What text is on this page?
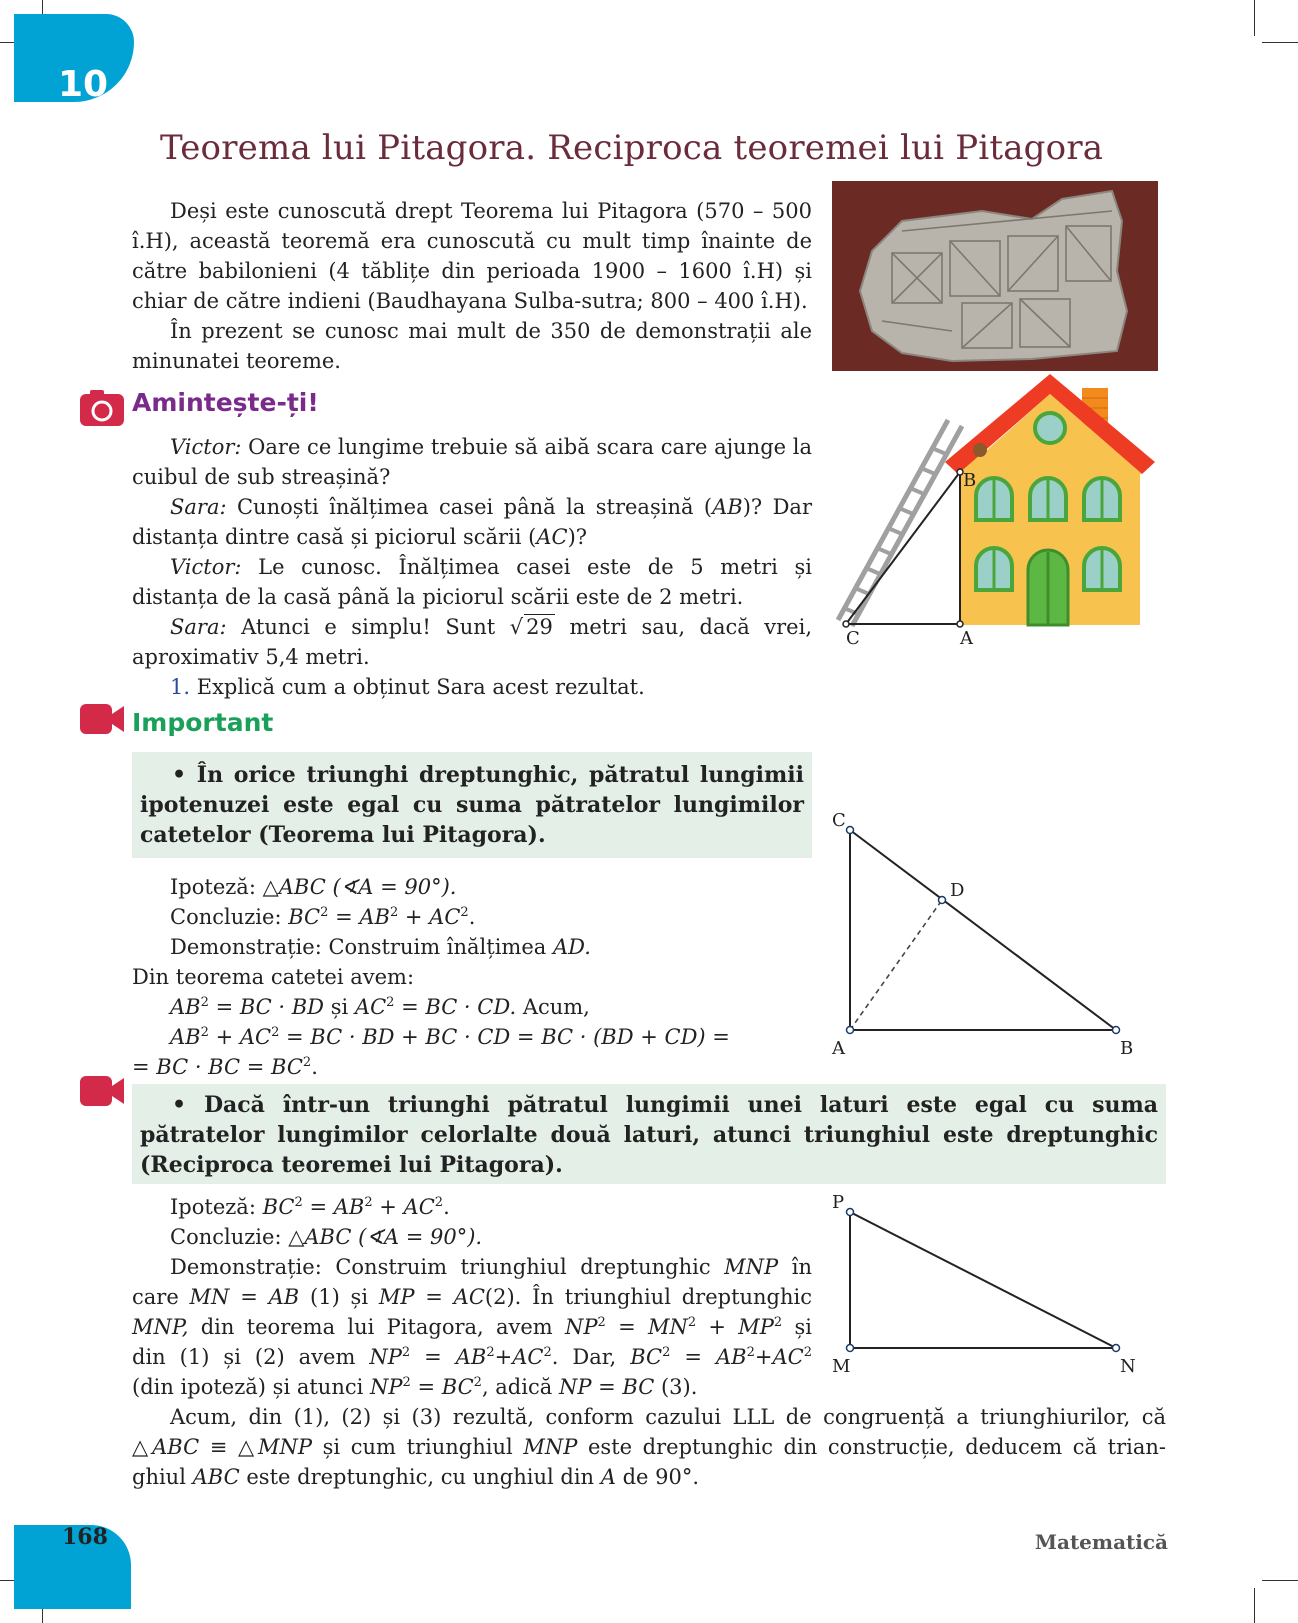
10
Teorema lui Pitagora. Reciproca teoremei lui Pitagora
Deși este cunoscută drept Teorema lui Pitagora (570 – 500 î.H), această teoremă era cunoscută cu mult timp înainte de către babilonieni (4 tăblițe din perioada 1900 – 1600 î.H) și chiar de către indieni (Baudhayana Sulba-sutra; 800 – 400 î.H).
În prezent se cunosc mai mult de 350 de demonstrații ale minunatei teoreme.
Amintește-ți!
Victor: Oare ce lungime trebuie să aibă scara care ajunge la cuibul de sub streașină?
Sara: Cunoști înălțimea casei până la streașină (AB)? Dar distanța dintre casă și piciorul scării (AC)?
Victor: Le cunosc. Înălțimea casei este de 5 metri și distanța de la casă până la piciorul scării este de 2 metri.
Sara: Atunci e simplu! Sunt √ 29 metri sau, dacă vrei, aproximativ 5,4 metri.
1. Explică cum a obținut Sara acest rezultat.
B
C	A
Important
• În orice triunghi dreptunghic, pătratul lungimii ipotenuzei este egal cu suma pătratelor lungimilor catetelor (Teorema lui Pitagora).
Ipoteză: △ABC (∢A = 90°).
Concluzie: $BC^2 = AB^2 + AC^2$.
Demonstrație: Construim înălțimea AD.
Din teorema catetei avem:
$AB^2$ = BC · BD și $AC^2$ = BC · CD. Acum,
$AB^2 + AC^2$ = BC · BD + BC · CD = BC · (BD + CD) =
= BC · BC = $BC^2$.
C
D
A	B
• Dacă într-un triunghi pătratul lungimii unei laturi este egal cu suma pătratelor lungimilor celorlalte două laturi, atunci triunghiul este dreptunghic (Reciproca teoremei lui Pitagora).
Ipoteză: $BC^2 = AB^2 + AC^2$.
Concluzie: △ABC (∢A = 90°).
Demonstrație: Construim triunghiul dreptunghic MNP în
care MN = AB (1) și MP = AC(2). În triunghiul dreptunghic
MNP, din teorema lui Pitagora, avem $NP^2 = MN^2 + MP^2$ și
din (1) și (2) avem $NP^2 = AB^2+AC^2$. Dar, $BC^2 = AB^2+AC^2$
(din ipoteză) și atunci $NP^2 = BC^2$, adică NP = BC (3).
Acum, din (1), (2) și (3) rezultă, conform cazului LLL de congruență a triunghiurilor, că
△ABC ≡ △MNP și cum triunghiul MNP este dreptunghic din construcție, deducem că trian-
ghiul ABC este dreptunghic, cu unghiul din A de 90°.
P
M	N
168	Matematică
